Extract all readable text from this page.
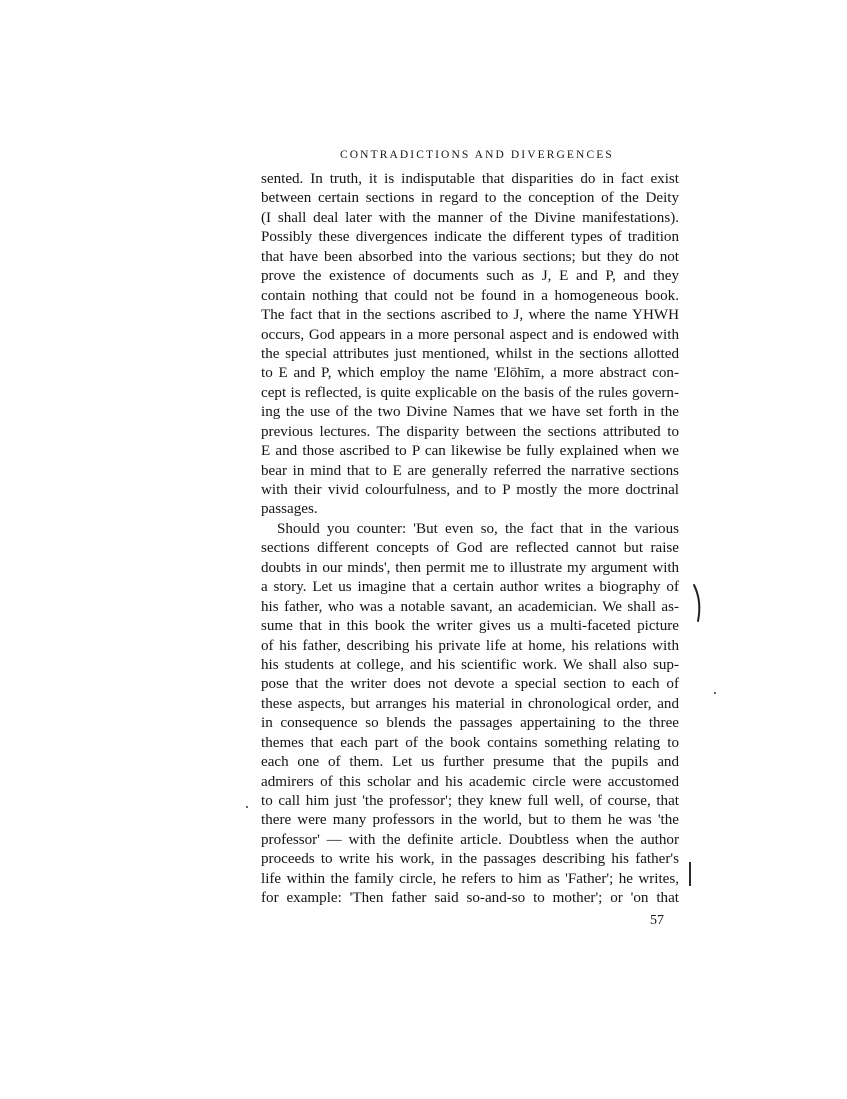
CONTRADICTIONS AND DIVERGENCES
sented. In truth, it is indisputable that disparities do in fact exist
between certain sections in regard to the conception of the Deity
(I shall deal later with the manner of the Divine manifestations).
Possibly these divergences indicate the different types of tradition
that have been absorbed into the various sections; but they do not
prove the existence of documents such as J, E and P, and they
contain nothing that could not be found in a homogeneous book.
The fact that in the sections ascribed to J, where the name YHWH
occurs, God appears in a more personal aspect and is endowed with
the special attributes just mentioned, whilst in the sections allotted
to E and P, which employ the name 'Elōhīm, a more abstract con-
cept is reflected, is quite explicable on the basis of the rules govern-
ing the use of the two Divine Names that we have set forth in the
previous lectures. The disparity between the sections attributed to
E and those ascribed to P can likewise be fully explained when we
bear in mind that to E are generally referred the narrative sections
with their vivid colourfulness, and to P mostly the more doctrinal
passages.
Should you counter: 'But even so, the fact that in the various
sections different concepts of God are reflected cannot but raise
doubts in our minds', then permit me to illustrate my argument with
a story. Let us imagine that a certain author writes a biography of
his father, who was a notable savant, an academician. We shall as-
sume that in this book the writer gives us a multi-faceted picture
of his father, describing his private life at home, his relations with
his students at college, and his scientific work. We shall also sup-
pose that the writer does not devote a special section to each of
these aspects, but arranges his material in chronological order, and
in consequence so blends the passages appertaining to the three
themes that each part of the book contains something relating to
each one of them. Let us further presume that the pupils and
admirers of this scholar and his academic circle were accustomed
to call him just 'the professor'; they knew full well, of course, that
there were many professors in the world, but to them he was 'the
professor' — with the definite article. Doubtless when the author
proceeds to write his work, in the passages describing his father's
life within the family circle, he refers to him as 'Father'; he writes,
for example: 'Then father said so-and-so to mother'; or 'on that
57
